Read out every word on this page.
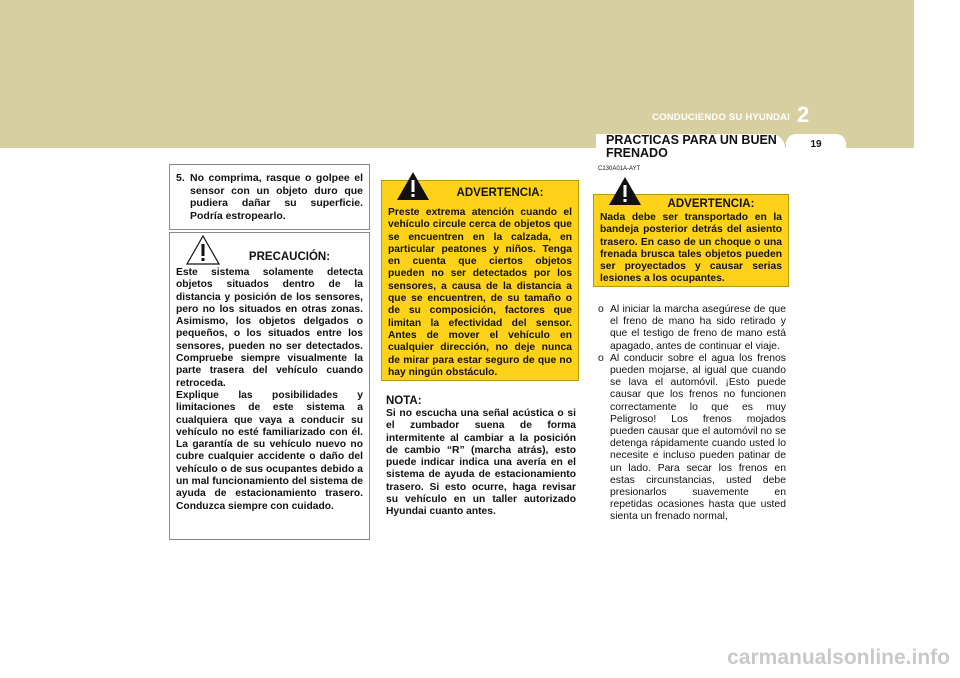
CONDUCIENDO SU HYUNDAI 2
PRACTICAS PARA UN BUEN
FRENADO
19
C130A01A-AYT
5. No comprima, rasque o golpee el sensor con un objeto duro que pudiera dañar su superficie. Podría estropearlo.
PRECAUCIÓN:
Este sistema solamente detecta objetos situados dentro de la distancia y posición de los sensores, pero no los situados en otras zonas. Asimismo, los objetos delgados o pequeños, o los situados entre los sensores, pueden no ser detectados. Compruebe siempre visualmente la parte trasera del vehículo cuando retroceda.
Explique las posibilidades y limitaciones de este sistema a cualquiera que vaya a conducir su vehículo no esté familiarizado con él. La garantía de su vehículo nuevo no cubre cualquier accidente o daño del vehículo o de sus ocupantes debido a un mal funcionamiento del sistema de ayuda de estacionamiento trasero. Conduzca siempre con cuidado.
ADVERTENCIA:
Preste extrema atención cuando el vehículo circule cerca de objetos que se encuentren en la calzada, en particular peatones y niños. Tenga en cuenta que ciertos objetos pueden no ser detectados por los sensores, a causa de la distancia a que se encuentren, de su tamaño o de su composición, factores que limitan la efectividad del sensor. Antes de mover el vehículo en cualquier dirección, no deje nunca de mirar para estar seguro de que no hay ningún obstáculo.
NOTA:
Si no escucha una señal acústica o si el zumbador suena de forma intermitente al cambiar a la posición de cambio “R” (marcha atrás), esto puede indicar indica una avería en el sistema de ayuda de estacionamiento trasero. Si esto ocurre, haga revisar su vehículo en un taller autorizado Hyundai cuanto antes.
ADVERTENCIA:
Nada debe ser transportado en la bandeja posterior detrás del asiento trasero. En caso de un choque o una frenada brusca tales objetos pueden ser proyectados y causar serias lesiones a los ocupantes.
o Al iniciar la marcha asegúrese de que el freno de mano ha sido retirado y que el testigo de freno de mano está apagado, antes de continuar el viaje.
o Al conducir sobre el agua los frenos pueden mojarse, al igual que cuando se lava el automóvil. ¡Esto puede causar que los frenos no funcionen correctamente lo que es muy Peligroso! Los frenos mojados pueden causar que el automóvil no se detenga rápidamente cuando usted lo necesite e incluso pueden patinar de un lado. Para secar los frenos en estas circunstancias, usted debe presionarlos suavemente en repetidas ocasiones hasta que usted sienta un frenado normal,
carmanualsonline.info
